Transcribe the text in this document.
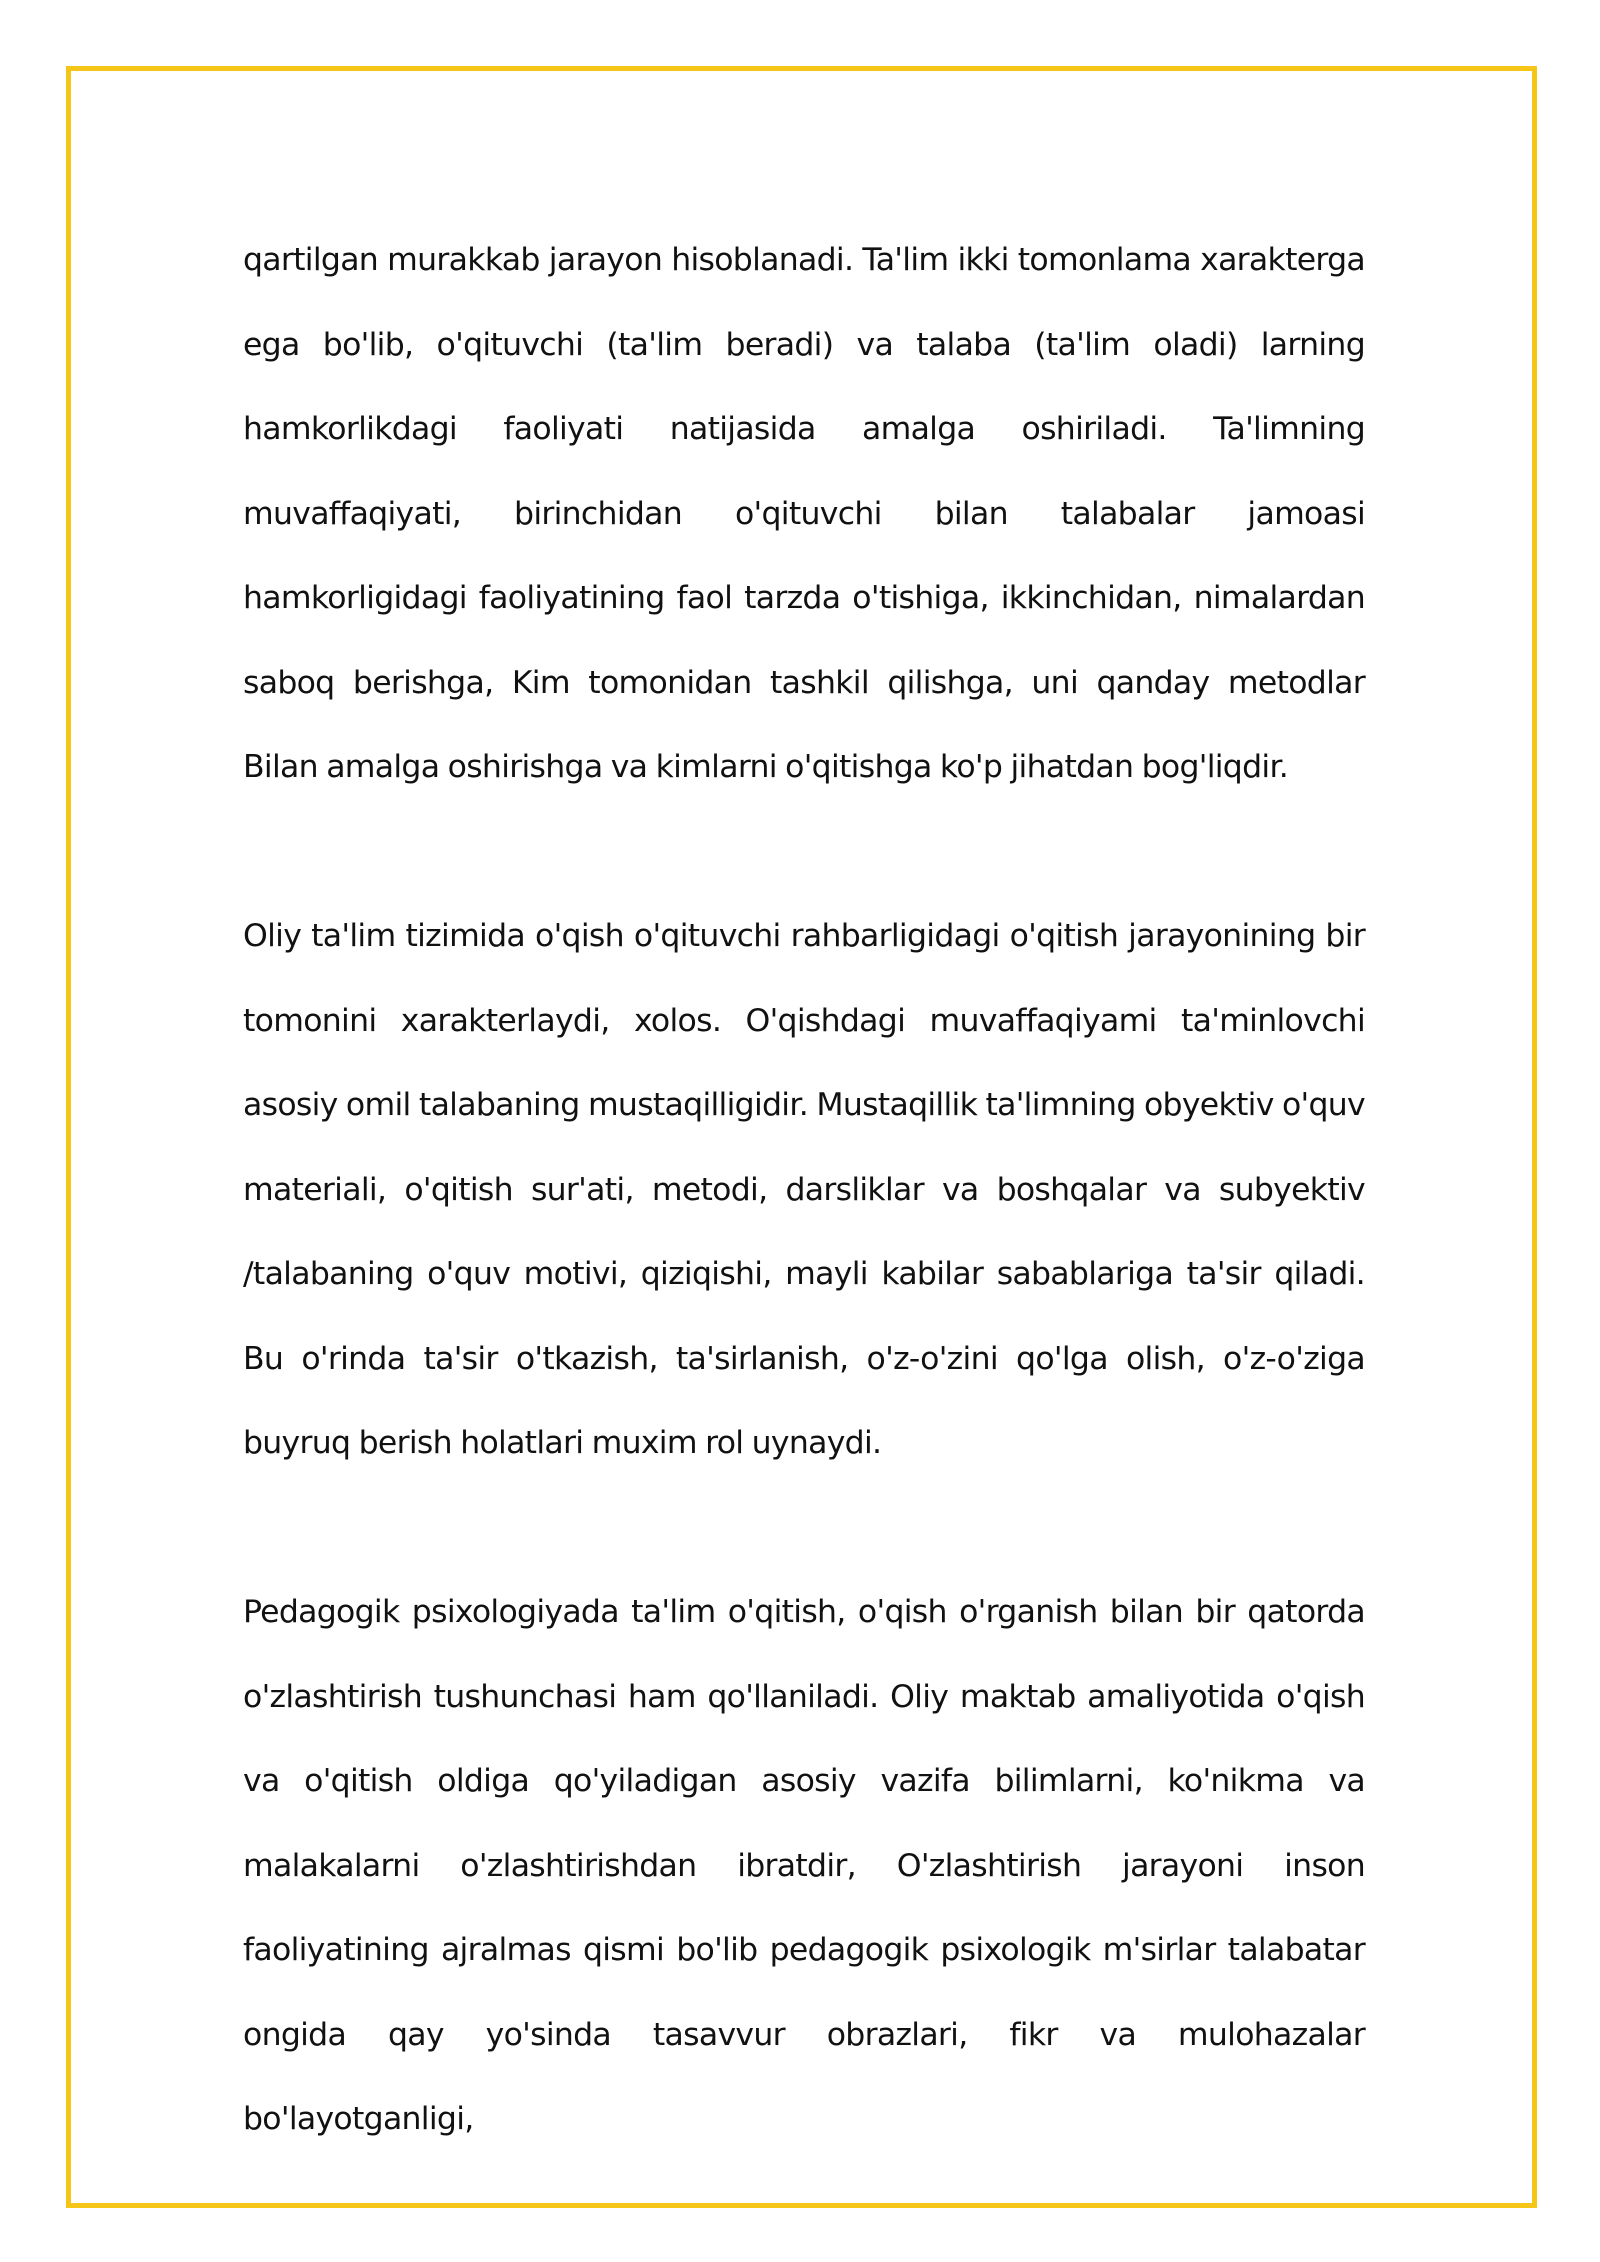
qartilgan murakkab jarayon hisoblanadi. Ta'lim ikki tomonlama xarakterga ega bo'lib, o'qituvchi (ta'lim beradi) va talaba (ta'lim oladi) larning hamkorlikdagi faoliyati natijasida amalga oshiriladi. Ta'limning muvaffaqiyati, birinchidan o'qituvchi bilan talabalar jamoasi hamkorligidagi faoliyatining faol tarzda o'tishiga, ikkinchidan, nimalardan saboq berishga, Kim tomonidan tashkil qilishga, uni qanday metodlar Bilan amalga oshirishga va kimlarni o'qitishga ko'p jihatdan bog'liqdir.

Oliy ta'lim tizimida o'qish o'qituvchi rahbarligidagi o'qitish jarayonining bir tomonini xarakterlaydi, xolos. O'qishdagi muvaffaqiyami ta'minlovchi asosiy omil talabaning mustaqilligidir. Mustaqillik ta'limning obyektiv o'quv materiali, o'qitish sur'ati, metodi, darsliklar va boshqalar va subyektiv /talabaning o'quv motivi, qiziqishi, mayli kabilar sabablariga ta'sir qiladi. Bu o'rinda ta'sir o'tkazish, ta'sirlanish, o'z-o'zini qo'lga olish, o'z-o'ziga buyruq berish holatlari muxim rol uynaydi.

Pedagogik psixologiyada ta'lim o'qitish, o'qish o'rganish bilan bir qatorda o'zlashtirish tushunchasi ham qo'llaniladi. Oliy maktab amaliyotida o'qish va o'qitish oldiga qo'yiladigan asosiy vazifa bilimlarni, ko'nikma va malakalarni o'zlashtirishdan ibratdir, O'zlashtirish jarayoni inson faoliyatining ajralmas qismi bo'lib pedagogik psixologik m'sirlar talabatar ongida qay yo'sinda tasavvur obrazlari, fikr va mulohazalar bo'layotganligi,
